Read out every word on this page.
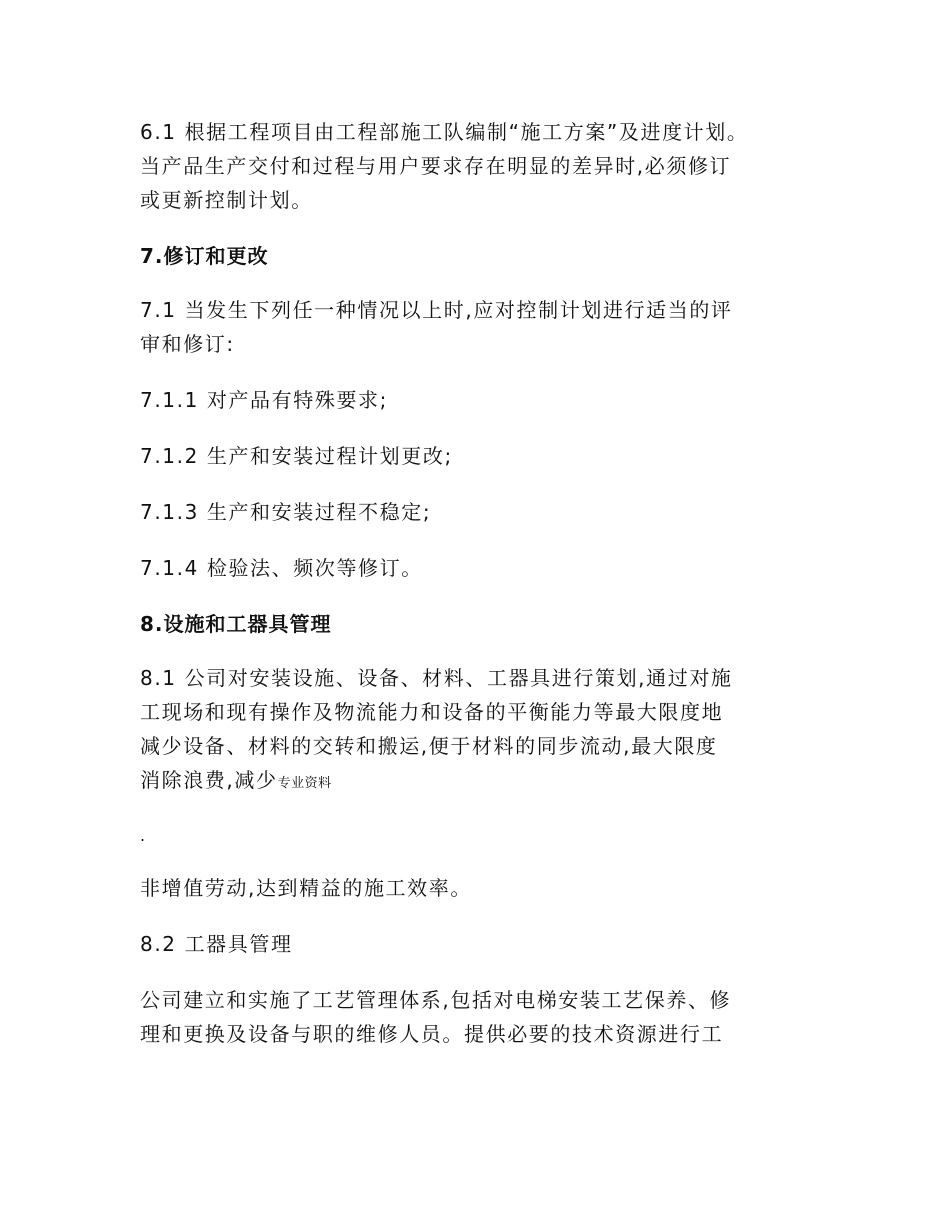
6.1 根据工程项目由工程部施工队编制“施工方案”及进度计划。
当产品生产交付和过程与用户要求存在明显的差异时,必须修订
或更新控制计划。

7.修订和更改

7.1 当发生下列任一种情况以上时,应对控制计划进行适当的评
审和修订:

7.1.1 对产品有特殊要求;

7.1.2 生产和安装过程计划更改;

7.1.3 生产和安装过程不稳定;

7.1.4 检验法、频次等修订。

8.设施和工器具管理

8.1 公司对安装设施、设备、材料、工器具进行策划,通过对施
工现场和现有操作及物流能力和设备的平衡能力等最大限度地
减少设备、材料的交转和搬运,便于材料的同步流动,最大限度
消除浪费,减少专业资料

.

非增值劳动,达到精益的施工效率。

8.2 工器具管理

公司建立和实施了工艺管理体系,包括对电梯安装工艺保养、修
理和更换及设备与职的维修人员。提供必要的技术资源进行工
